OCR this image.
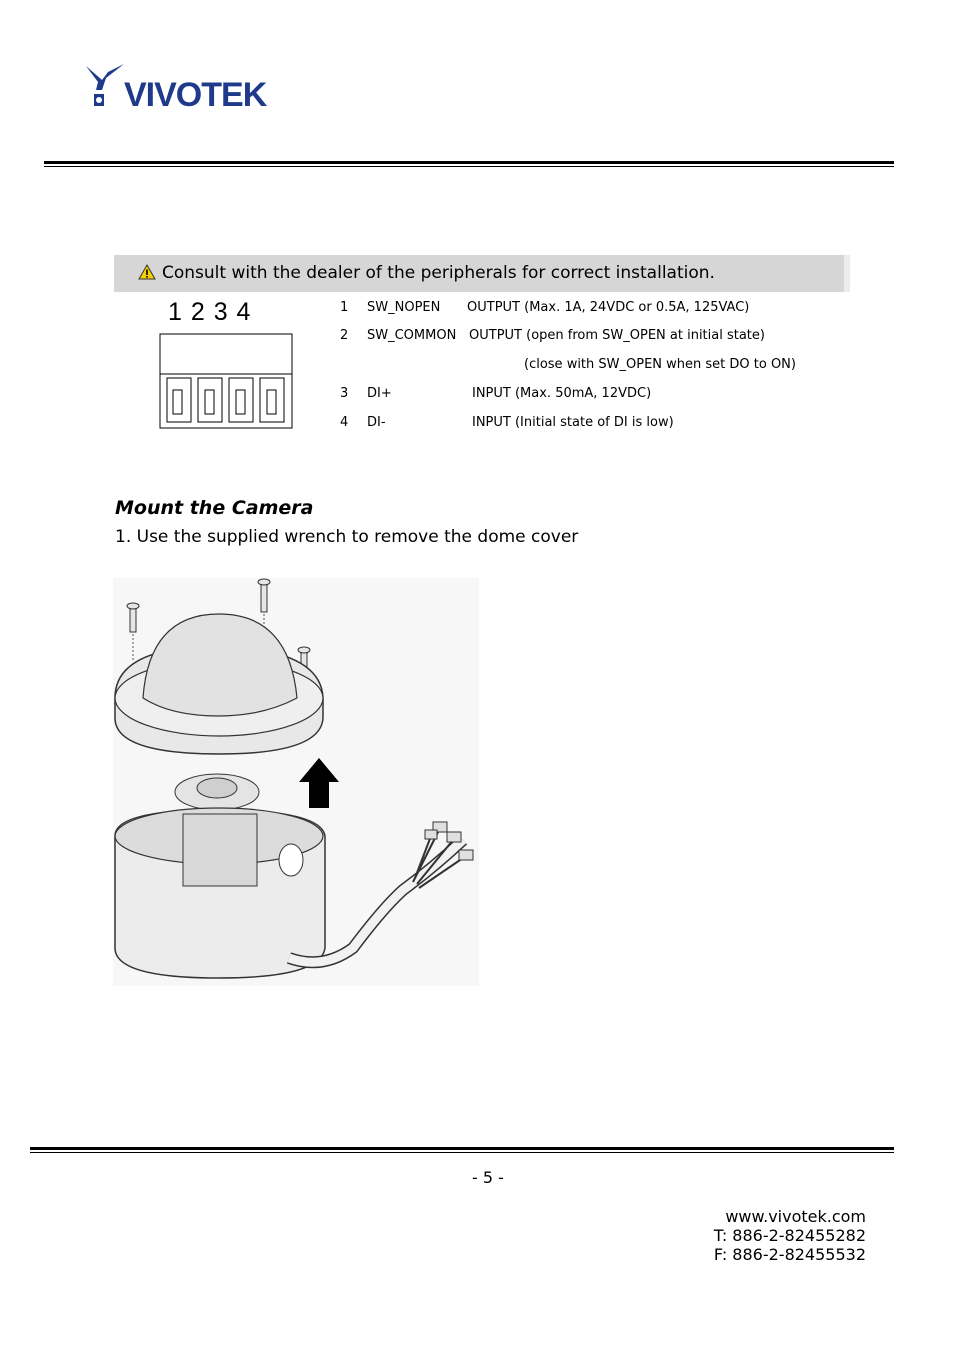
VIVOTEK
Consult with the dealer of the peripherals for correct installation.
1 2 3 4	1 SW_NOPEN OUTPUT (Max. 1A, 24VDC or 0.5A, 125VAC)
2 SW_COMMON OUTPUT (open from SW_OPEN at initial state)
(close with SW_OPEN when set DO to ON)
3 DI+	INPUT (Max. 50mA, 12VDC)
4 DI-	INPUT (Initial state of DI is low)
Mount the Camera
1. Use the supplied wrench to remove the dome cover
- 5 -
www.vivotek.com
T: 886-2-82455282
F: 886-2-82455532
